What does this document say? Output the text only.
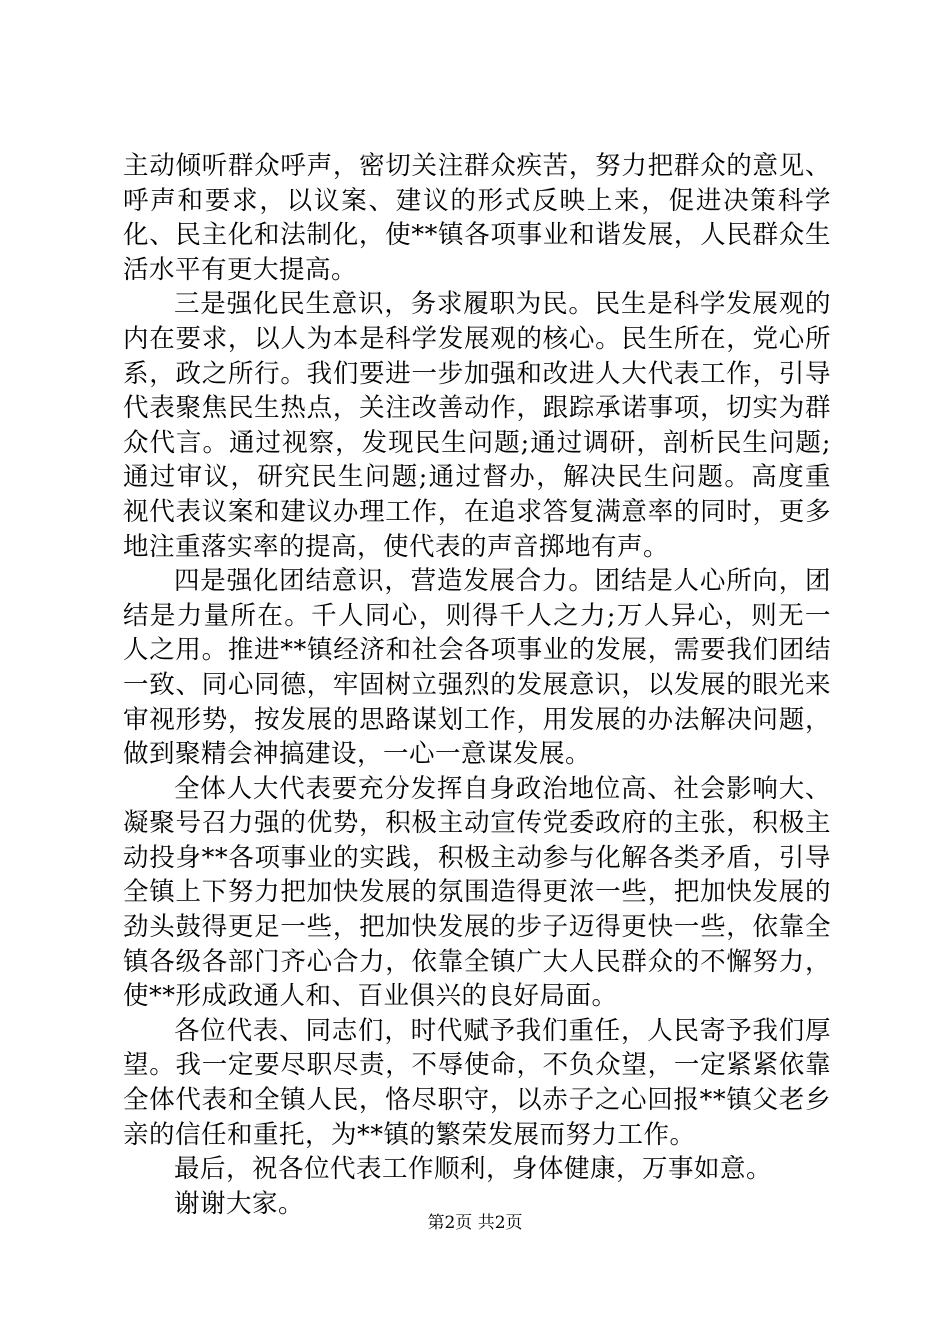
主动倾听群众呼声，密切关注群众疾苦，努力把群众的意见、呼声和要求，以议案、建议的形式反映上来，促进决策科学化、民主化和法制化，使**镇各项事业和谐发展，人民群众生活水平有更大提高。

三是强化民生意识，务求履职为民。民生是科学发展观的内在要求，以人为本是科学发展观的核心。民生所在，党心所系，政之所行。我们要进一步加强和改进人大代表工作，引导代表聚焦民生热点，关注改善动作，跟踪承诺事项，切实为群众代言。通过视察，发现民生问题;通过调研，剖析民生问题;通过审议，研究民生问题;通过督办，解决民生问题。高度重视代表议案和建议办理工作，在追求答复满意率的同时，更多地注重落实率的提高，使代表的声音掷地有声。

四是强化团结意识，营造发展合力。团结是人心所向，团结是力量所在。千人同心，则得千人之力;万人异心，则无一人之用。推进**镇经济和社会各项事业的发展，需要我们团结一致、同心同德，牢固树立强烈的发展意识，以发展的眼光来审视形势，按发展的思路谋划工作，用发展的办法解决问题，做到聚精会神搞建设，一心一意谋发展。

全体人大代表要充分发挥自身政治地位高、社会影响大、凝聚号召力强的优势，积极主动宣传党委政府的主张，积极主动投身**各项事业的实践，积极主动参与化解各类矛盾，引导全镇上下努力把加快发展的氛围造得更浓一些，把加快发展的劲头鼓得更足一些，把加快发展的步子迈得更快一些，依靠全镇各级各部门齐心合力，依靠全镇广大人民群众的不懈努力，使**形成政通人和、百业俱兴的良好局面。

各位代表、同志们，时代赋予我们重任，人民寄予我们厚望。我一定要尽职尽责，不辱使命，不负众望，一定紧紧依靠全体代表和全镇人民，恪尽职守，以赤子之心回报**镇父老乡亲的信任和重托，为**镇的繁荣发展而努力工作。

最后，祝各位代表工作顺利，身体健康，万事如意。

谢谢大家。

第2页 共2页
